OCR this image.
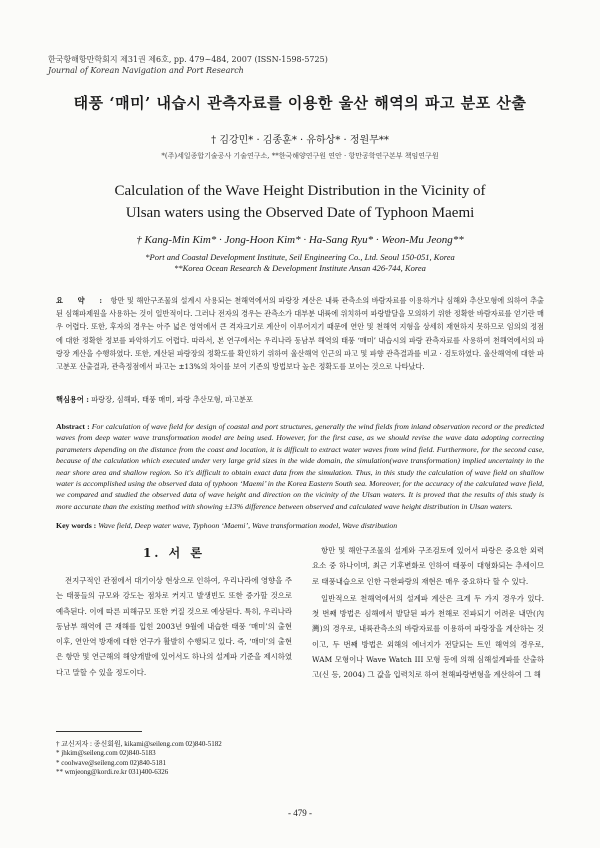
한국항해항만학회지 제31권 제6호, pp. 479~484, 2007 (ISSN-1598-5725)
Journal of Korean Navigation and Port Research
태풍 ‘매미’ 내습시 관측자료를 이용한 울산 해역의 파고 분포 산출
† 김강민* · 김종훈* · 유하상* · 정원무**
*(주)세일종합기술공사 기술연구소, **한국해양연구원 연안 · 항만공학연구본부 책임연구원
Calculation of the Wave Height Distribution in the Vicinity of
Ulsan waters using the Observed Date of Typhoon Maemi
† Kang-Min Kim* · Jong-Hoon Kim* · Ha-Sang Ryu* · Weon-Mu Jeong**
*Port and Coastal Development Institute, Seil Engineering Co., Ltd. Seoul 150-051, Korea
**Korea Ocean Research & Development Institute Ansan 426-744, Korea
요 약 : 항만 및 해안구조물의 설계시 사용되는 천해역에서의 파랑장 계산은 내륙 관측소의 바람자료를 이용하거나 심해와 추산모형에 의하여 추출된 심해파제원을 사용하는 것이 일반적이다. 그러나 전자의 경우는 관측소가 대부분 내륙에 위치하여 파랑발달을 모의하기 위한 정확한 바람자료를 얻기란 매우 어렵다. 또한, 후자의 경우는 아주 넓은 영역에서 큰 격자크기로 계산이 이루어지기 때문에 연안 및 천해역 지형을 상세히 재현하지 못하므로 임의의 정점에 대한 정확한 정보를 파악하기도 어렵다. 따라서, 본 연구에서는 우리나라 동남부 해역의 태풍 ‘매미’ 내습시의 파랑 관측자료를 사용하여 천해역에서의 파랑장 계산을 수행하였다. 또한, 계산된 파랑장의 정확도를 확인하기 위하여 울산해역 인근의 파고 및 파향 관측결과를 비교 · 검토하였다. 울산해역에 대한 파고분포 산출결과, 관측정점에서 파고는 ±13%의 차이를 보여 기존의 방법보다 높은 정확도를 보이는 것으로 나타났다.
핵심용어 : 파랑장, 심해파, 태풍 매미, 파랑 추산모형, 파고분포
Abstract : For calculation of wave field for design of coastal and port structures, generally the wind fields from inland observation record or the predicted waves from deep water wave transformation model are being used. However, for the first case, as we should revise the wave data adopting correcting parameters depending on the distance from the coast and location, it is difficult to extract water waves from wind field. Furthermore, for the second case, because of the calculation which executed under very large grid sizes in the wide domain, the simulation(wave transformation) implied uncertainty in the near shore area and shallow region. So it's difficult to obtain exact data from the simulation. Thus, in this study the calculation of wave field on shallow water is accomplished using the observed data of typhoon ‘Maemi’ in the Korea Eastern South sea. Moreover, for the accuracy of the calculated wave field, we compared and studied the observed data of wave height and direction on the vicinity of the Ulsan waters. It is proved that the results of this study is more accurate than the existing method with showing ±13% difference between observed and calculated wave height distribution in Ulsan waters.
Key words : Wave field, Deep water wave, Typhoon ‘Maemi’, Wave transformation model, Wave distribution
1. 서 론

전지구적인 관점에서 대기이상 현상으로 인하여, 우리나라에 영향을 주는 태풍들의 규모와 강도는 점차로 커지고 발생빈도 또한 증가할 것으로 예측된다. 이에 따른 피해규모 또한 커질 것으로 예상된다. 특히, 우리나라 동남부 해역에 큰 재해를 입힌 2003년 9월에 내습한 태풍 ‘매미’의 출현 이후, 연안역 방재에 대한 연구가 활발히 수행되고 있다. 즉, ‘매미’의 출현은 항만 및 연근해의 해양개발에 있어서도 하나의 설계파 기준을 제시하였다고 말할 수 있을 정도이다.

항만 및 해안구조물의 설계와 구조검토에 있어서 파랑은 중요한 외력요소 중 하나이며, 최근 기후변화로 인하여 태풍이 대형화되는 추세이므로 태풍내습으로 인한 극한파랑의 재현은 매우 중요하다 할 수 있다.

일반적으로 천해역에서의 설계파 계산은 크게 두 가지 경우가 있다. 첫 번째 방법은 심해에서 발달된 파가 천해로 진파되기 어려운 내만(內灣)의 경우로, 내륙관측소의 바람자료를 이용하여 파랑장을 계산하는 것이고, 두 번째 방법은 외해의 에너지가 전달되는 트인 해역의 경우로, WAM 모형이나 Wave Watch III 모형 등에 의해 심해설계파를 산출하고(신 등, 2004) 그 값을 입력치로 하여 천해파랑변형을 계산하여 그 해

† 교신저자 : 종신회원, kikami@seileng.com 02)840-5182
* jhkim@seileng.com 02)840-5183
* coolwave@seileng.com 02)840-5181
** wmjeong@kordi.re.kr 031)400-6326
- 479 -
